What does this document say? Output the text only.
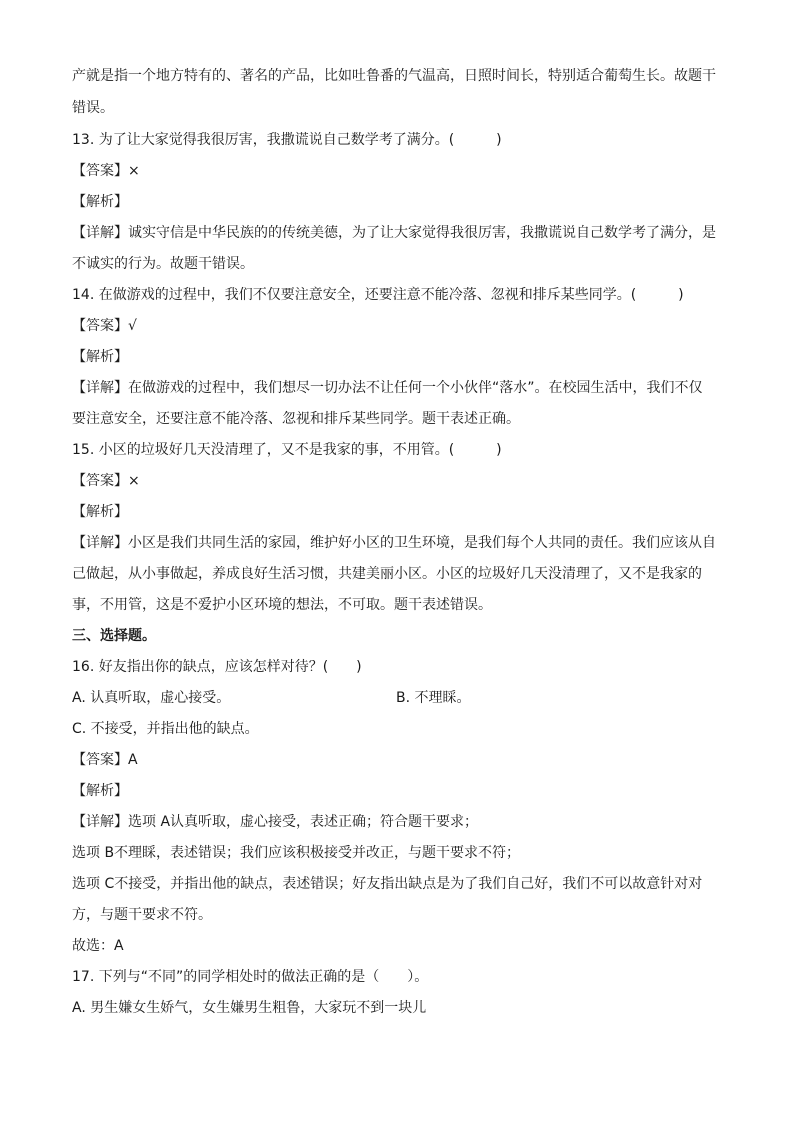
产就是指一个地方特有的、著名的产品，比如吐鲁番的气温高，日照时间长，特别适合葡萄生长。故题干
错误。
13. 为了让大家觉得我很厉害，我撒谎说自己数学考了满分。(　　　)
【答案】×
【解析】
【详解】诚实守信是中华民族的的传统美德，为了让大家觉得我很厉害，我撒谎说自己数学考了满分，是
不诚实的行为。故题干错误。
14. 在做游戏的过程中，我们不仅要注意安全，还要注意不能冷落、忽视和排斥某些同学。(　　　)
【答案】√
【解析】
【详解】在做游戏的过程中，我们想尽一切办法不让任何一个小伙伴“落水”。在校园生活中，我们不仅
要注意安全，还要注意不能冷落、忽视和排斥某些同学。题干表述正确。
15. 小区的垃圾好几天没清理了，又不是我家的事，不用管。(　　　)
【答案】×
【解析】
【详解】小区是我们共同生活的家园，维护好小区的卫生环境，是我们每个人共同的责任。我们应该从自
己做起，从小事做起，养成良好生活习惯，共建美丽小区。小区的垃圾好几天没清理了，又不是我家的
事，不用管，这是不爱护小区环境的想法，不可取。题干表述错误。
三、选择题。
16. 好友指出你的缺点，应该怎样对待？(　　)
A. 认真听取，虚心接受。	B. 不理睬。
C. 不接受，并指出他的缺点。
【答案】A
【解析】
【详解】选项 A认真听取，虚心接受，表述正确；符合题干要求；
选项 B不理睬，表述错误；我们应该积极接受并改正，与题干要求不符；
选项 C不接受，并指出他的缺点，表述错误；好友指出缺点是为了我们自己好，我们不可以故意针对对
方，与题干要求不符。
故选：A
17. 下列与“不同”的同学相处时的做法正确的是（　　）。
A. 男生嫌女生娇气，女生嫌男生粗鲁，大家玩不到一块儿
